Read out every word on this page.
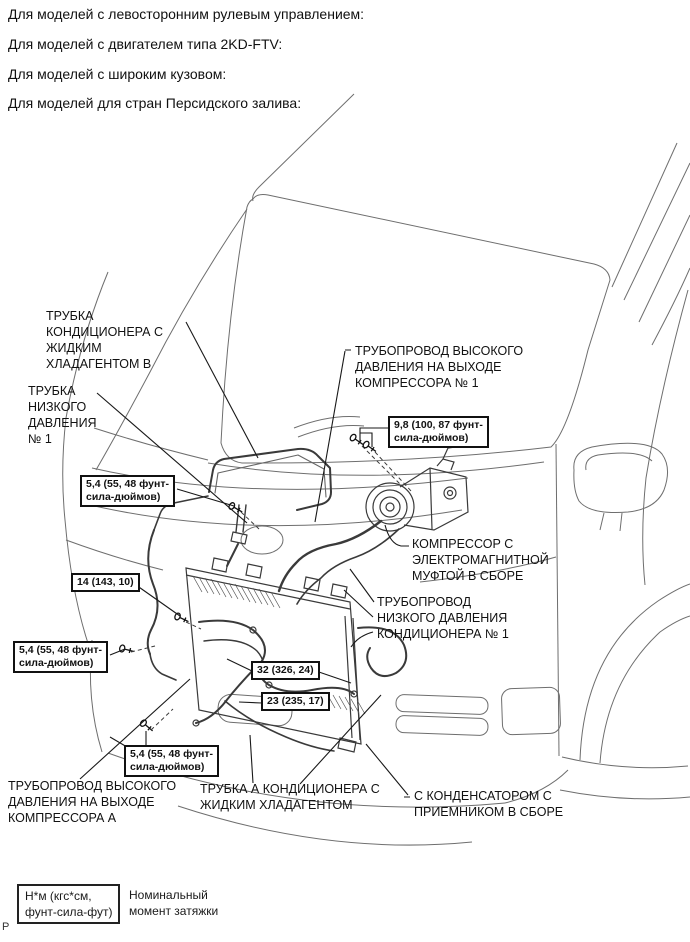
Для моделей с левосторонним рулевым управлением:
Для моделей с двигателем типа 2KD-FTV:
Для моделей с широким кузовом:
Для моделей для стран Персидского залива:
ТРУБКА
КОНДИЦИОНЕРА С
ЖИДКИМ
ХЛАДАГЕНТОМ B
ТРУБКА
НИЗКОГО
ДАВЛЕНИЯ
№ 1
ТРУБОПРОВОД ВЫСОКОГО
ДАВЛЕНИЯ НА ВЫХОДЕ
КОМПРЕССОРА № 1
КОМПРЕССОР С
ЭЛЕКТРОМАГНИТНОЙ
МУФТОЙ В СБОРЕ
ТРУБОПРОВОД
НИЗКОГО ДАВЛЕНИЯ
КОНДИЦИОНЕРА № 1
ТРУБОПРОВОД ВЫСОКОГО
ДАВЛЕНИЯ НА ВЫХОДЕ
КОМПРЕССОРА A
ТРУБКА А КОНДИЦИОНЕРА С
ЖИДКИМ ХЛАДАГЕНТОМ
С КОНДЕНСАТОРОМ С
ПРИЕМНИКОМ В СБОРЕ
9,8 (100, 87 фунт-
сила-дюймов)
5,4 (55, 48 фунт-
сила-дюймов)
14 (143, 10)
5,4 (55, 48 фунт-
сила-дюймов)
32 (326, 24)
23 (235, 17)
5,4 (55, 48 фунт-
сила-дюймов)
Н*м (кгс*см,
фунт-сила-фут)
Номинальный
момент затяжки
P
